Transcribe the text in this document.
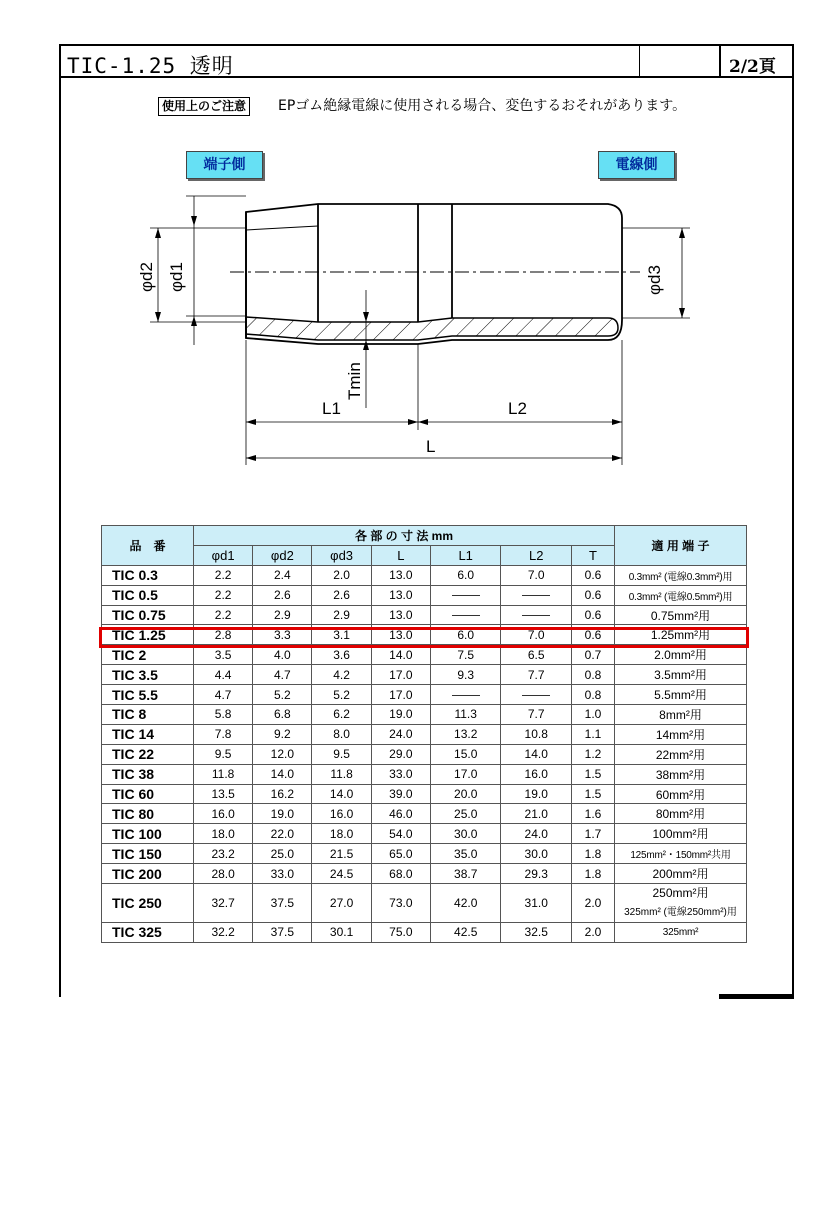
TIC-1.25 透明	2/2頁
使用上のご注意 EPゴム絶縁電線に使用される場合、変色するおそれがあります。
端子側	電線側
φd2 φd1	φd3
Tmin
L1	L2
L
品　番	各 部 の 寸 法 mm							適 用 端 子
	φd1	φd2	φd3	L	L1	L2	T	
TIC 0.3	2.2	2.4	2.0	13.0	6.0	7.0	0.6	0.3mm² (電線0.3mm²)用
TIC 0.5	2.2	2.6	2.6	13.0			0.6	0.3mm² (電線0.5mm²)用
TIC 0.75	2.2	2.9	2.9	13.0			0.6	0.75mm²用
TIC 1.25	2.8	3.3	3.1	13.0	6.0	7.0	0.6	1.25mm²用
TIC 2	3.5	4.0	3.6	14.0	7.5	6.5	0.7	2.0mm²用
TIC 3.5	4.4	4.7	4.2	17.0	9.3	7.7	0.8	3.5mm²用
TIC 5.5	4.7	5.2	5.2	17.0			0.8	5.5mm²用
TIC 8	5.8	6.8	6.2	19.0	11.3	7.7	1.0	8mm²用
TIC 14	7.8	9.2	8.0	24.0	13.2	10.8	1.1	14mm²用
TIC 22	9.5	12.0	9.5	29.0	15.0	14.0	1.2	22mm²用
TIC 38	11.8	14.0	11.8	33.0	17.0	16.0	1.5	38mm²用
TIC 60	13.5	16.2	14.0	39.0	20.0	19.0	1.5	60mm²用
TIC 80	16.0	19.0	16.0	46.0	25.0	21.0	1.6	80mm²用
TIC 100	18.0	22.0	18.0	54.0	30.0	24.0	1.7	100mm²用
TIC 150	23.2	25.0	21.5	65.0	35.0	30.0	1.8	125mm²・150mm²共用
TIC 200	28.0	33.0	24.5	68.0	38.7	29.3	1.8	200mm²用
TIC 250	32.7	37.5	27.0	73.0	42.0	31.0	2.0	250mm²用
325mm² (電線250mm²)用

TIC 325	32.2	37.5	30.1	75.0	42.5	32.5	2.0	325mm²
